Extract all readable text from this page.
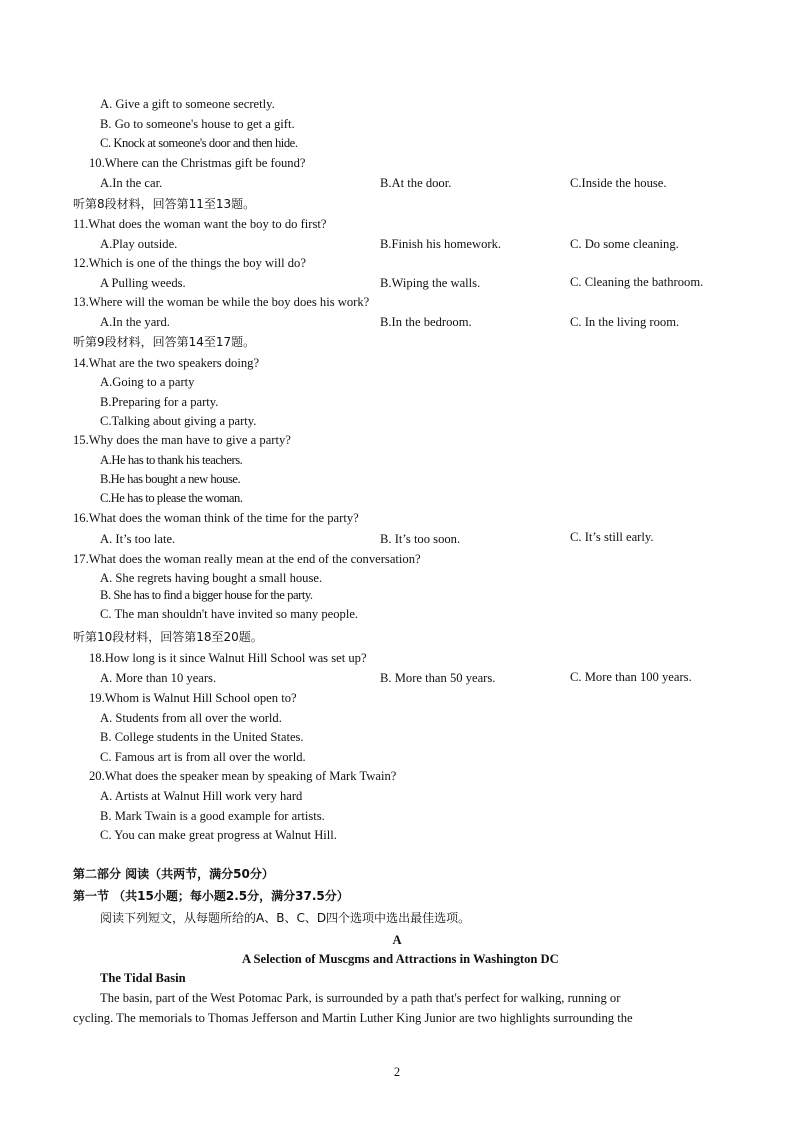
A. Give a gift to someone secretly.
B. Go to someone's house to get a gift.
C. Knock at someone's door and then hide.
10.Where can the Christmas gift be found?
A.In the car.	B.At the door.	C.Inside the house.
听第8段材料，回答第11至13题。
11.What does the woman want the boy to do first?
A.Play outside.	B.Finish his homework.	C. Do some cleaning.
12.Which is one of the things the boy will do?
A Pulling weeds.	B.Wiping the walls.	C. Cleaning the bathroom.
13.Where will the woman be while the boy does his work?
A.In the yard.	B.In the bedroom.	C. In the living room.
听第9段材料，回答第14至17题。
14.What are the two speakers doing?
A.Going to a party
B.Preparing for a party.
C.Talking about giving a party.
15.Why does the man have to give a party?
A.He has to thank his teachers.
B.He has bought a new house.
C.He has to please the woman.
16.What does the woman think of the time for the party?
A. It’s too late.	B. It’s too soon.	C. It’s still early.
17.What does the woman really mean at the end of the conversation?
A. She regrets having bought a small house.
B. She has to find a bigger house for the party.
C. The man shouldn't have invited so many people.
听第10段材料，回答第18至20题。
18.How long is it since Walnut Hill School was set up?
A. More than 10 years.	B. More than 50 years.	C. More than 100 years.
19.Whom is Walnut Hill School open to?
A. Students from all over the world.
B. College students in the United States.
C. Famous art is from all over the world.
20.What does the speaker mean by speaking of Mark Twain?
A. Artists at Walnut Hill work very hard
B. Mark Twain is a good example for artists.
C. You can make great progress at Walnut Hill.
第二部分 阅读（共两节，满分50分）
第一节 （共15小题；每小题2.5分，满分37.5分）
阅读下列短文，从每题所给的A、B、C、D四个选项中选出最佳选项。
A
A Selection of Muscgms and Attractions in Washington DC
The Tidal Basin
The basin, part of the West Potomac Park, is surrounded by a path that's perfect for walking, running or
cycling. The memorials to Thomas Jefferson and Martin Luther King Junior are two highlights surrounding the
2
